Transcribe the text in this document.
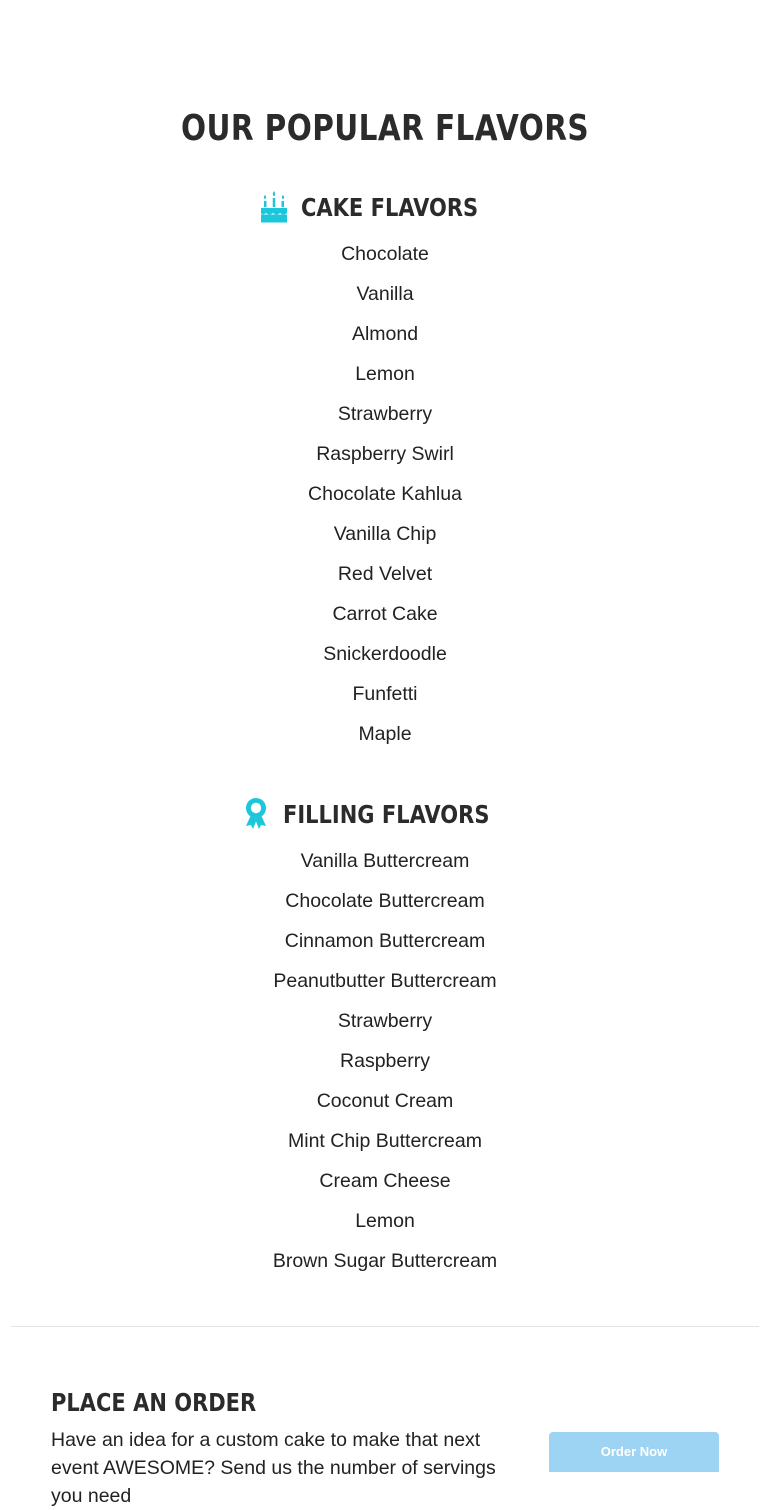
OUR POPULAR FLAVORS
CAKE FLAVORS
Chocolate
Vanilla
Almond
Lemon
Strawberry
Raspberry Swirl
Chocolate Kahlua
Vanilla Chip
Red Velvet
Carrot Cake
Snickerdoodle
Funfetti
Maple
FILLING FLAVORS
Vanilla Buttercream
Chocolate Buttercream
Cinnamon Buttercream
Peanutbutter Buttercream
Strawberry
Raspberry
Coconut Cream
Mint Chip Buttercream
Cream Cheese
Lemon
Brown Sugar Buttercream
PLACE AN ORDER

Have an idea for a custom cake to make that next event AWESOME? Send us the number of servings you need

Order Now
